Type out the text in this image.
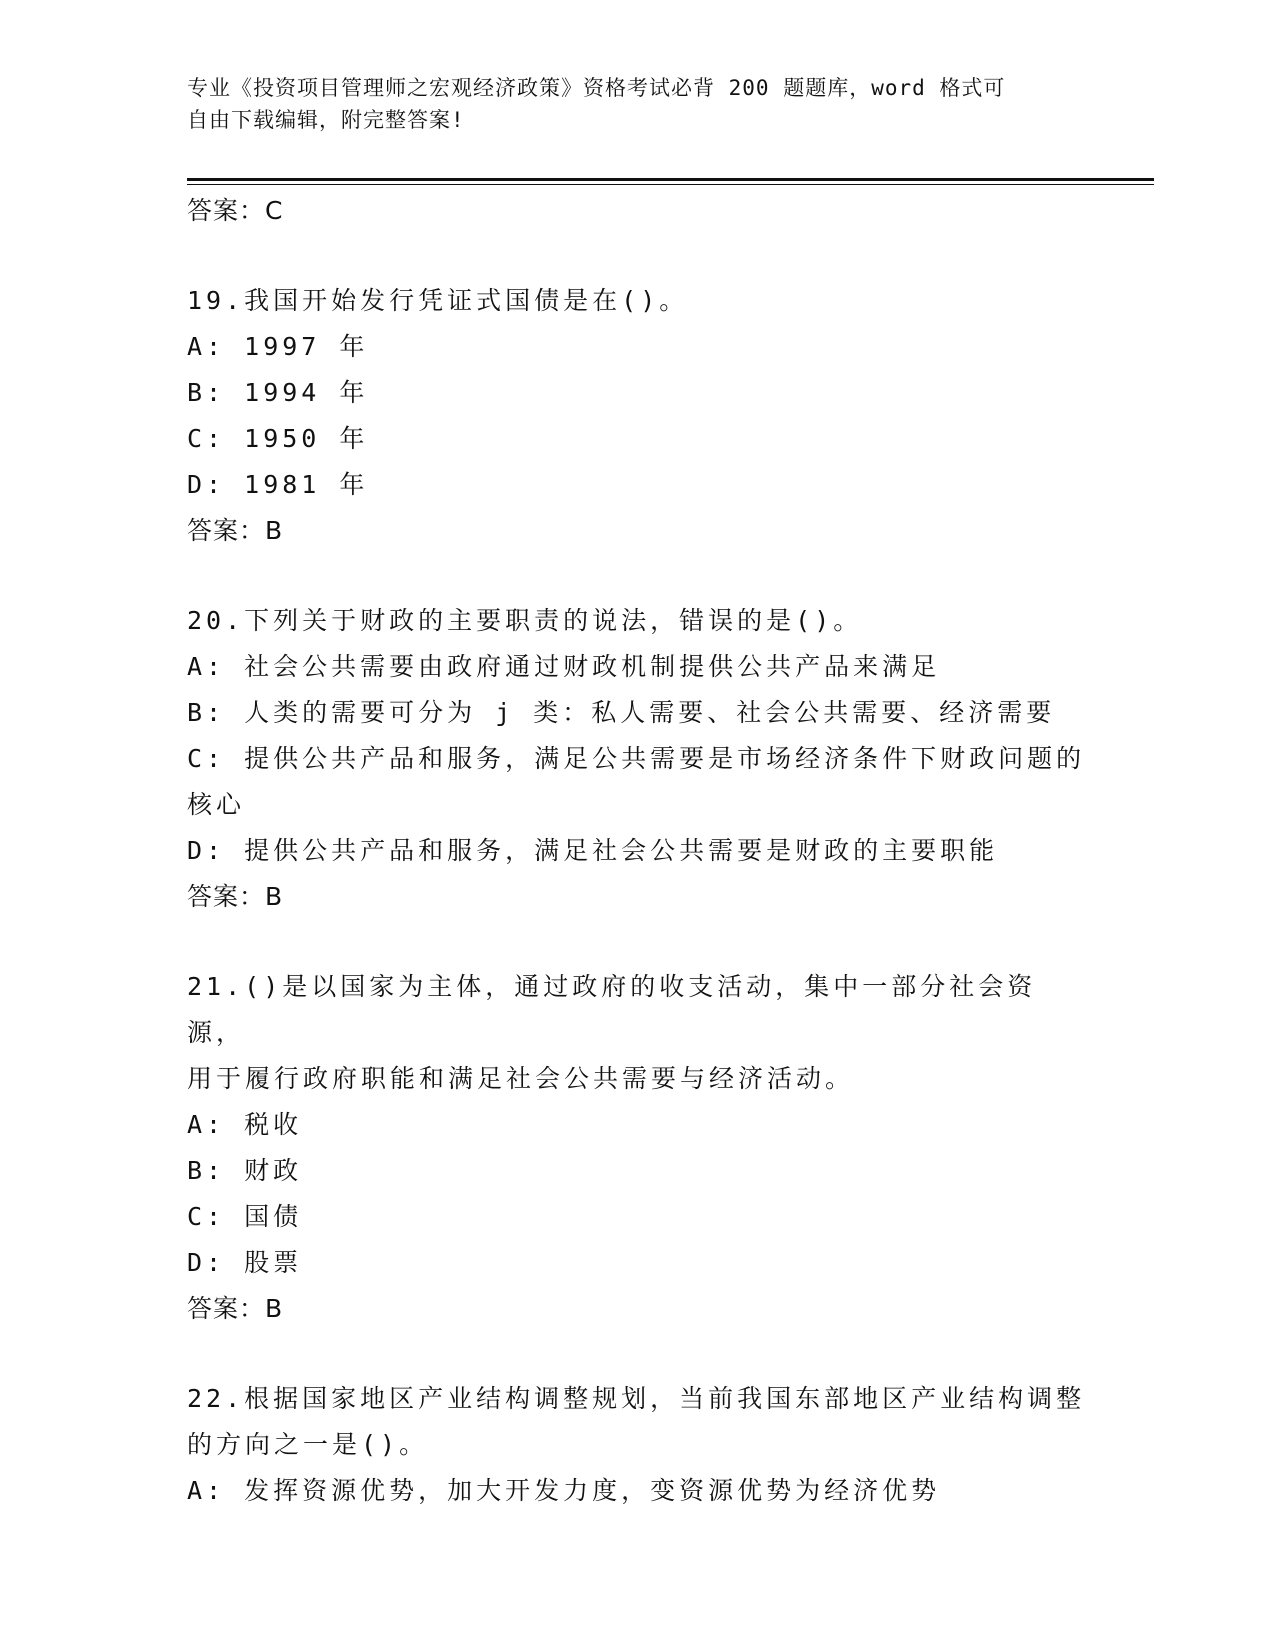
专业《投资项目管理师之宏观经济政策》资格考试必背 200 题题库，word 格式可
自由下载编辑，附完整答案!
答案：C
19.我国开始发行凭证式国债是在()。
A: 1997 年
B: 1994 年
C: 1950 年
D: 1981 年
答案：B
20.下列关于财政的主要职责的说法，错误的是()。
A: 社会公共需要由政府通过财政机制提供公共产品来满足
B: 人类的需要可分为 j 类：私人需要、社会公共需要、经济需要
C: 提供公共产品和服务，满足公共需要是市场经济条件下财政问题的
核心
D: 提供公共产品和服务，满足社会公共需要是财政的主要职能
答案：B
21.()是以国家为主体，通过政府的收支活动，集中一部分社会资源，
用于履行政府职能和满足社会公共需要与经济活动。
A: 税收
B: 财政
C: 国债
D: 股票
答案：B
22.根据国家地区产业结构调整规划，当前我国东部地区产业结构调整
的方向之一是()。
A: 发挥资源优势，加大开发力度，变资源优势为经济优势
